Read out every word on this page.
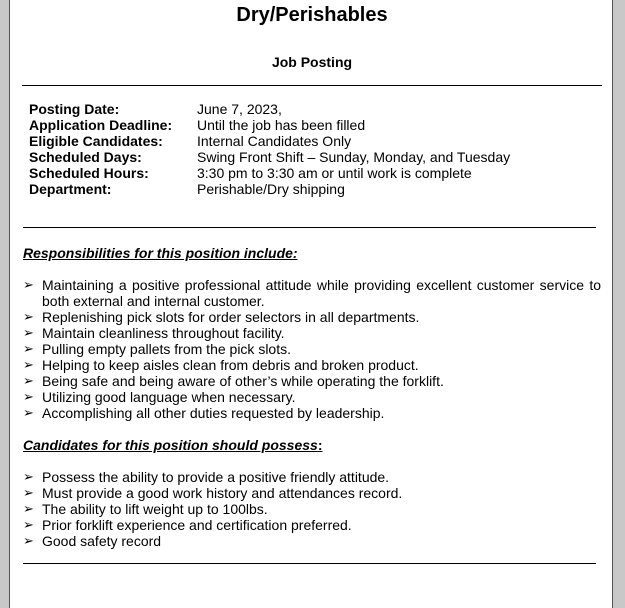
Dry/Perishables
Job Posting
Posting Date:	June 7, 2023,
Application Deadline:	Until the job has been filled
Eligible Candidates:	Internal Candidates Only
Scheduled Days:	Swing Front Shift – Sunday, Monday, and Tuesday
Scheduled Hours:	3:30 pm to 3:30 am or until work is complete
Department:	Perishable/Dry shipping
Responsibilities for this position include:
➢ Maintaining a positive professional attitude while providing excellent customer service to both external and internal customer.
➢ Replenishing pick slots for order selectors in all departments.
➢ Maintain cleanliness throughout facility.
➢ Pulling empty pallets from the pick slots.
➢ Helping to keep aisles clean from debris and broken product.
➢ Being safe and being aware of other’s while operating the forklift.
➢ Utilizing good language when necessary.
➢ Accomplishing all other duties requested by leadership.
Candidates for this position should possess:
➢ Possess the ability to provide a positive friendly attitude.
➢ Must provide a good work history and attendances record.
➢ The ability to lift weight up to 100lbs.
➢ Prior forklift experience and certification preferred.
➢ Good safety record
